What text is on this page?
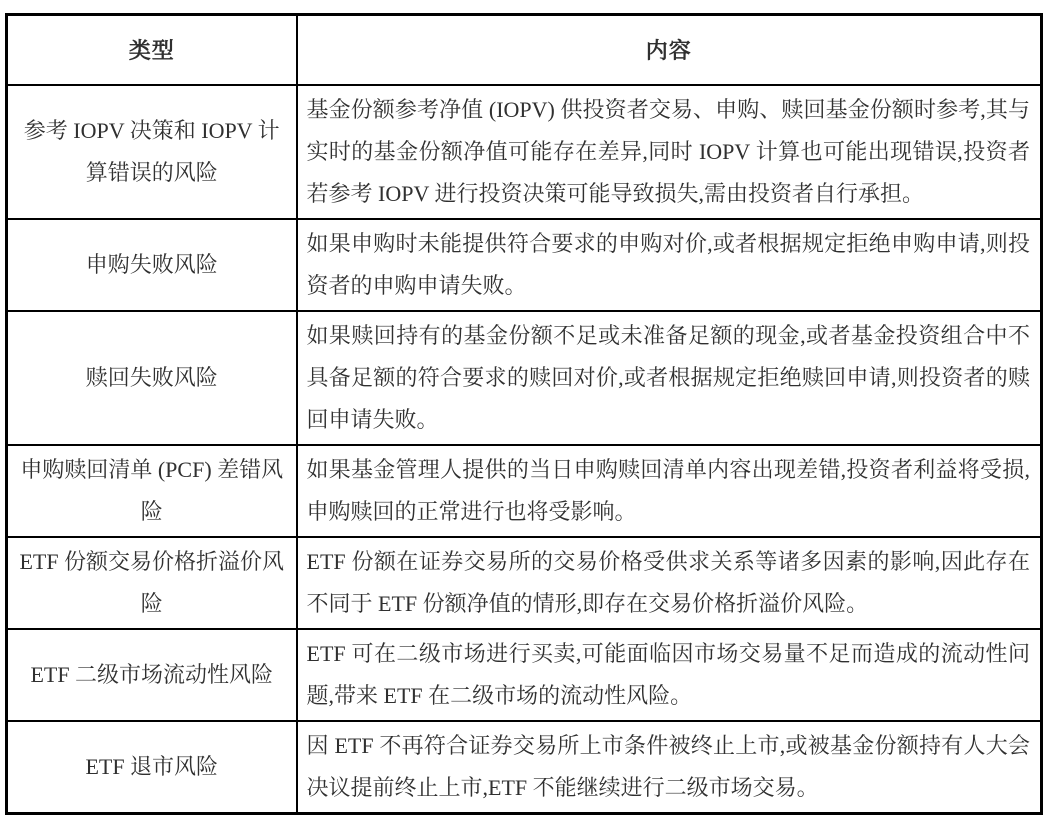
类型	内容
参考 IOPV 决策和 IOPV 计算错误的风险	基金份额参考净值 (IOPV) 供投资者交易、申购、赎回基金份额时参考,其与实时的基金份额净值可能存在差异,同时 IOPV 计算也可能出现错误,投资者若参考 IOPV 进行投资决策可能导致损失,需由投资者自行承担。
申购失败风险	如果申购时未能提供符合要求的申购对价,或者根据规定拒绝申购申请,则投资者的申购申请失败。
赎回失败风险	如果赎回持有的基金份额不足或未准备足额的现金,或者基金投资组合中不具备足额的符合要求的赎回对价,或者根据规定拒绝赎回申请,则投资者的赎回申请失败。
申购赎回清单 (PCF) 差错风险	如果基金管理人提供的当日申购赎回清单内容出现差错,投资者利益将受损,申购赎回的正常进行也将受影响。
ETF 份额交易价格折溢价风险	ETF 份额在证券交易所的交易价格受供求关系等诸多因素的影响,因此存在不同于 ETF 份额净值的情形,即存在交易价格折溢价风险。
ETF 二级市场流动性风险	ETF 可在二级市场进行买卖,可能面临因市场交易量不足而造成的流动性问题,带来 ETF 在二级市场的流动性风险。
ETF 退市风险	因 ETF 不再符合证券交易所上市条件被终止上市,或被基金份额持有人大会决议提前终止上市,ETF 不能继续进行二级市场交易。
